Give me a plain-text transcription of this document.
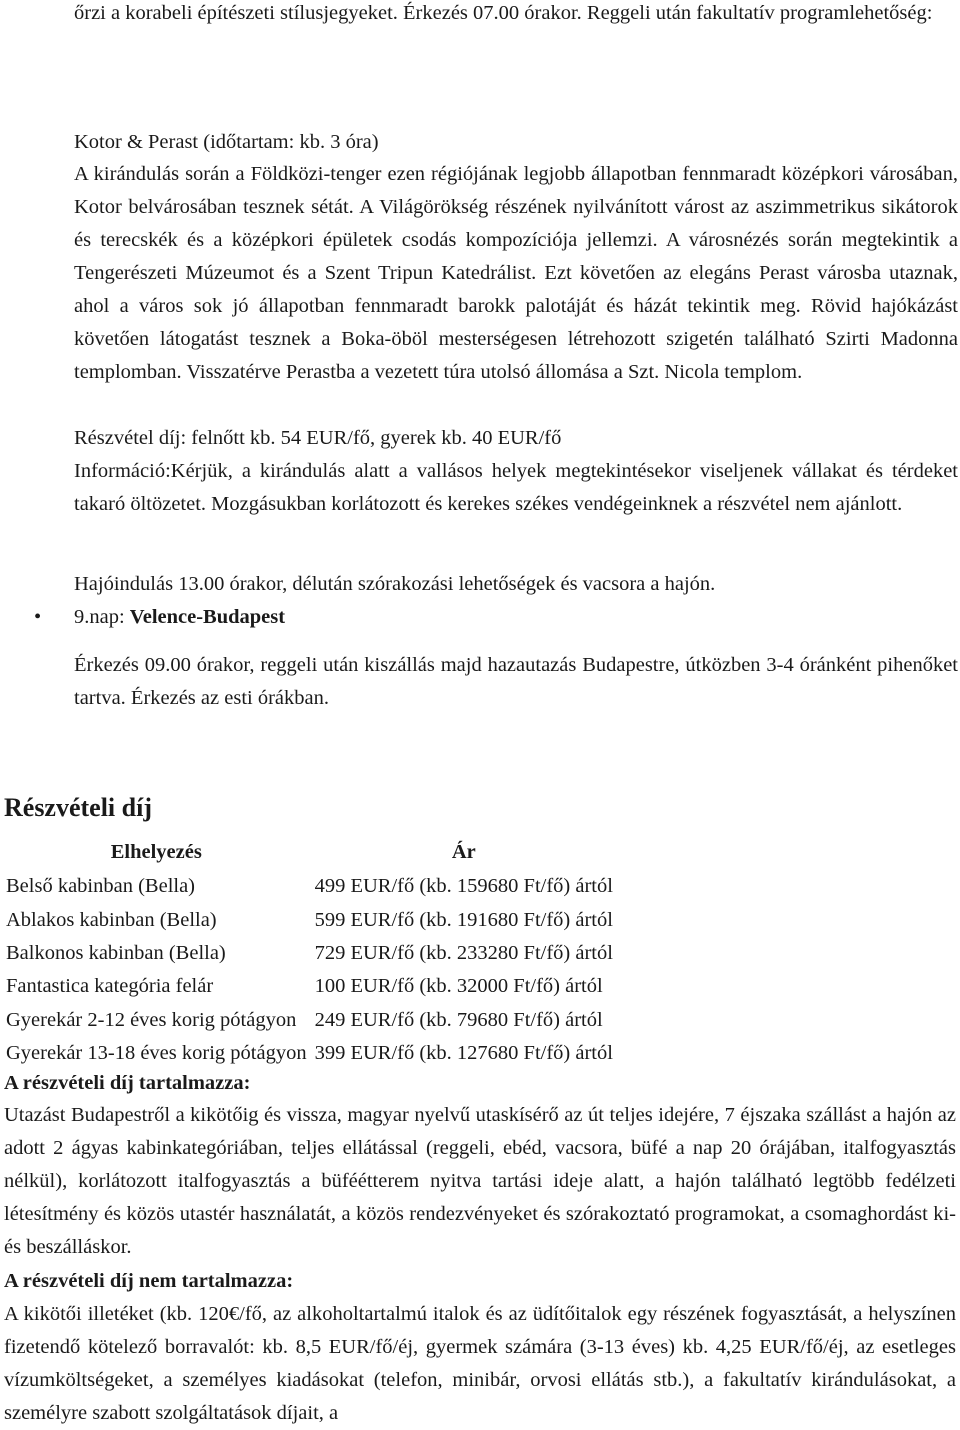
őrzi a korabeli építészeti stílusjegyeket. Érkezés 07.00 órakor. Reggeli után fakultatív programlehetőség:

Kotor & Perast (időtartam: kb. 3 óra)

A kirándulás során a Földközi-tenger ezen régiójának legjobb állapotban fennmaradt középkori városában, Kotor belvárosában tesznek sétát. A Világörökség részének nyilvánított várost az aszimmetrikus sikátorok és terecskék és a középkori épületek csodás kompozíciója jellemzi. A városnézés során megtekintik a Tengerészeti Múzeumot és a Szent Tripun Katedrálist. Ezt követően az elegáns Perast városba utaznak, ahol a város sok jó állapotban fennmaradt barokk palotáját és házát tekintik meg. Rövid hajókázást követően látogatást tesznek a Boka-öböl mesterségesen létrehozott szigetén található Szirti Madonna templomban. Visszatérve Perastba a vezetett túra utolsó állomása a Szt. Nicola templom.

Részvétel díj: felnőtt kb. 54 EUR/fő, gyerek kb. 40 EUR/fő

Információ:Kérjük, a kirándulás alatt a vallásos helyek megtekintésekor viseljenek vállakat és térdeket takaró öltözetet. Mozgásukban korlátozott és kerekes székes vendégeinknek a részvétel nem ajánlott.

Hajóindulás 13.00 órakor, délután szórakozási lehetőségek és vacsora a hajón.

• 9.nap: Velence-Budapest

Érkezés 09.00 órakor, reggeli után kiszállás majd hazautazás Budapestre, útközben 3-4 óránként pihenőket tartva. Érkezés az esti órákban.

Részvételi díj
Elhelyezés	Ár
Belső kabinban (Bella)	499 EUR/fő (kb. 159680 Ft/fő) ártól
Ablakos kabinban (Bella)	599 EUR/fő (kb. 191680 Ft/fő) ártól
Balkonos kabinban (Bella)	729 EUR/fő (kb. 233280 Ft/fő) ártól
Fantastica kategória felár	100 EUR/fő (kb. 32000 Ft/fő) ártól
Gyerekár 2-12 éves korig pótágyon	249 EUR/fő (kb. 79680 Ft/fő) ártól
Gyerekár 13-18 éves korig pótágyon	399 EUR/fő (kb. 127680 Ft/fő) ártól
A részvételi díj tartalmazza:

Utazást Budapestről a kikötőig és vissza, magyar nyelvű utaskísérő az út teljes idejére, 7 éjszaka szállást a hajón az adott 2 ágyas kabinkategóriában, teljes ellátással (reggeli, ebéd, vacsora, büfé a nap 20 órájában, italfogyasztás nélkül), korlátozott italfogyasztás a büféétterem nyitva tartási ideje alatt, a hajón található legtöbb fedélzeti létesítmény és közös utastér használatát, a közös rendezvényeket és szórakoztató programokat, a csomaghordást ki-és beszálláskor.

A részvételi díj nem tartalmazza:

A kikötői illetéket (kb. 120€/fő, az alkoholtartalmú italok és az üdítőitalok egy részének fogyasztását, a helyszínen fizetendő kötelező borravalót: kb. 8,5 EUR/fő/éj, gyermek számára (3-13 éves) kb. 4,25 EUR/fő/éj, az esetleges vízumköltségeket, a személyes kiadásokat (telefon, minibár, orvosi ellátás stb.), a fakultatív kirándulásokat, a személyre szabott szolgáltatások díjait, a
